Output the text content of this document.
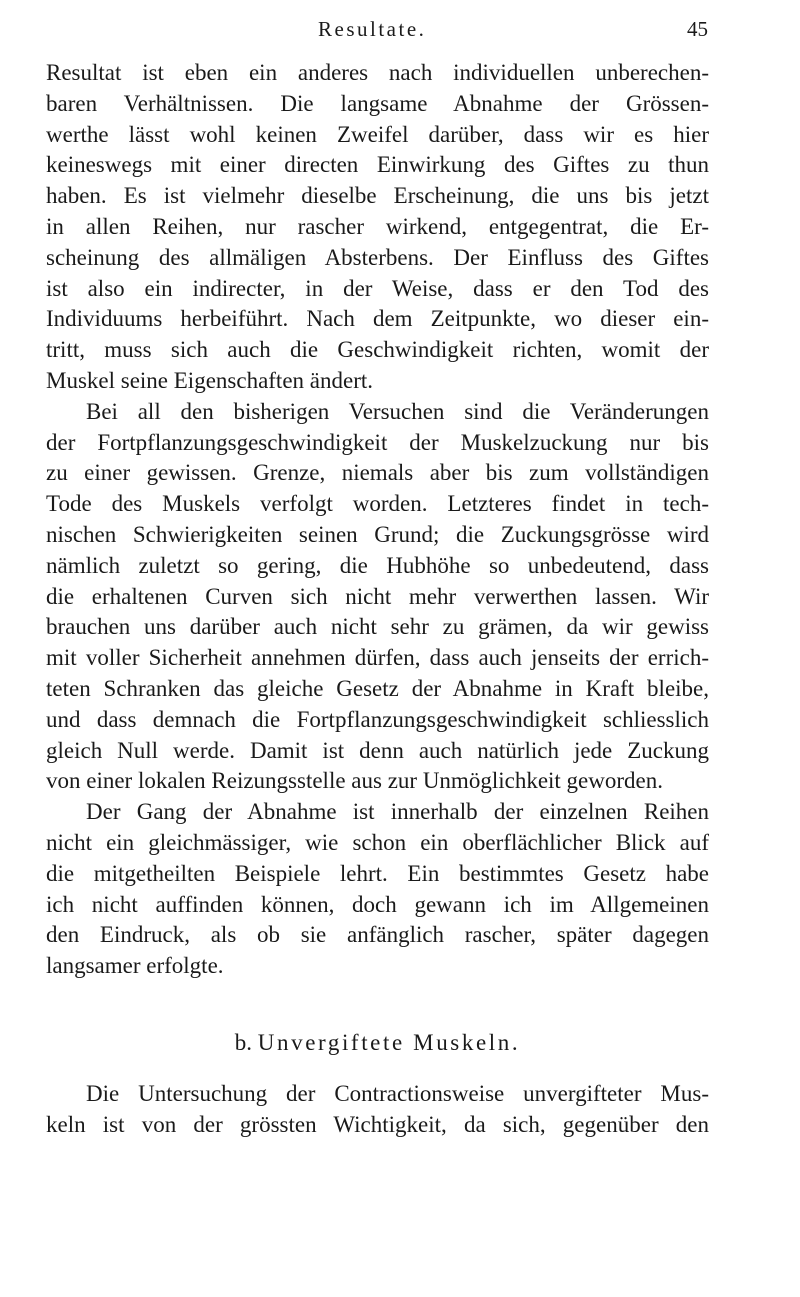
Resultate.	45

Resultat ist eben ein anderes nach individuellen unberechen-
baren Verhältnissen. Die langsame Abnahme der Grössen-
werthe lässt wohl keinen Zweifel darüber, dass wir es hier
keineswegs mit einer directen Einwirkung des Giftes zu thun
haben. Es ist vielmehr dieselbe Erscheinung, die uns bis jetzt
in allen Reihen, nur rascher wirkend, entgegentrat, die Er-
scheinung des allmäligen Absterbens. Der Einfluss des Giftes
ist also ein indirecter, in der Weise, dass er den Tod des
Individuums herbeiführt. Nach dem Zeitpunkte, wo dieser ein-
tritt, muss sich auch die Geschwindigkeit richten, womit der
Muskel seine Eigenschaften ändert.

Bei all den bisherigen Versuchen sind die Veränderungen
der Fortpflanzungsgeschwindigkeit der Muskelzuckung nur bis
zu einer gewissen. Grenze, niemals aber bis zum vollständigen
Tode des Muskels verfolgt worden. Letzteres findet in tech-
nischen Schwierigkeiten seinen Grund; die Zuckungsgrösse wird
nämlich zuletzt so gering, die Hubhöhe so unbedeutend, dass
die erhaltenen Curven sich nicht mehr verwerthen lassen. Wir
brauchen uns darüber auch nicht sehr zu grämen, da wir gewiss
mit voller Sicherheit annehmen dürfen, dass auch jenseits der errich-
teten Schranken das gleiche Gesetz der Abnahme in Kraft bleibe,
und dass demnach die Fortpflanzungsgeschwindigkeit schliesslich
gleich Null werde. Damit ist denn auch natürlich jede Zuckung
von einer lokalen Reizungsstelle aus zur Unmöglichkeit geworden.

Der Gang der Abnahme ist innerhalb der einzelnen Reihen
nicht ein gleichmässiger, wie schon ein oberflächlicher Blick auf
die mitgetheilten Beispiele lehrt. Ein bestimmtes Gesetz habe
ich nicht auffinden können, doch gewann ich im Allgemeinen
den Eindruck, als ob sie anfänglich rascher, später dagegen
langsamer erfolgte.

b. Unvergiftete Muskeln.

Die Untersuchung der Contractionsweise unvergifteter Mus-
keln ist von der grössten Wichtigkeit, da sich, gegenüber den
